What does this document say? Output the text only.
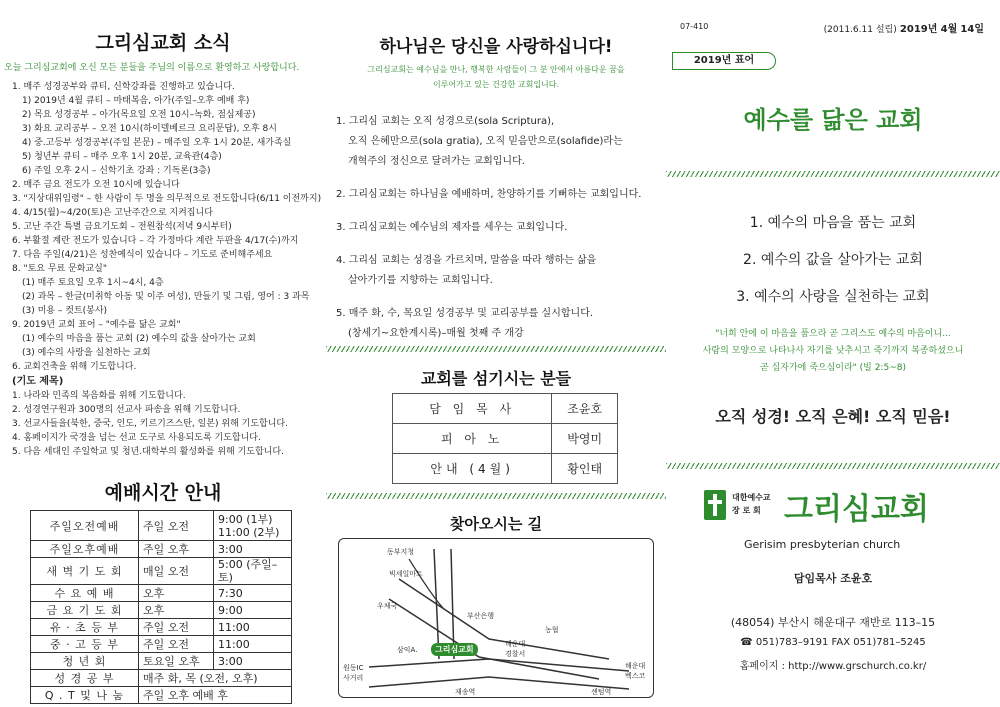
그리심교회 소식
오늘 그리심교회에 오신 모든 분들을 주님의 이름으로 환영하고 사랑합니다.
1. 매주 성경공부와 큐티, 신학강좌를 진행하고 있습니다.
1) 2019년 4월 큐티 – 마태복음, 아가(주일–오후 예배 후)
2) 목요 성경공부 – 아가(목요일 오전 10시–녹화, 점심제공)
3) 화요 교리공부 – 오전 10시(하이델베르크 요리문답), 오후 8시
4) 중.고등부 성경공부(주일 본문) – 매주일 오후 1시 20분, 새가족실
5) 청년부 큐티 – 매주 오후 1시 20분, 교육관(4층)
6) 주일 오후 2시 – 신학기초 강좌 : 기독론(3층)
2. 매주 금요 전도가 오전 10시에 있습니다
3. "지상대위임령" – 한 사람이 두 명을 의무적으로 전도합니다(6/11 이전까지)
4. 4/15(월)~4/20(토)은 고난주간으로 지켜집니다
5. 고난 주간 특별 금요기도회 – 전원참석(저녁 9시부터)
6. 부활절 계란 전도가 있습니다 – 각 가정마다 계란 두판을 4/17(수)까지
7. 다음 주일(4/21)은 성찬예식이 있습니다 – 기도로 준비해주세요
8. "토요 무료 문화교실"
(1) 매주 토요일 오후 1시~4시, 4층
(2) 과목 – 한글(미취학 아동 및 이주 여성), 만들기 및 그림, 영어 : 3 과목
(3) 미용 – 컷트(봉사)
9. 2019년 교회 표어 – "예수를 닮은 교회"
(1) 예수의 마음을 품는 교회 (2) 예수의 값을 살아가는 교회
(3) 예수의 사랑을 실천하는 교회
6. 교회건축을 위해 기도합니다.
(기도 제목)
1. 나라와 민족의 복음화를 위해 기도합니다.
2. 성경연구원과 300명의 선교사 파송을 위해 기도합니다.
3. 선교사들을(북한, 중국, 인도, 키르기즈스탄, 일본) 위해 기도합니다.
4. 홈페이지가 국경을 넘는 선교 도구로 사용되도록 기도합니다.
5. 다음 세대인 주일학교 및 청년.대학부의 활성화를 위해 기도합니다.
예배시간 안내
주일오전예배	주일 오전	9:00 (1부)
11:00 (2부)
주일오후예배	주일 오후	3:00
새 벽 기 도 회	매일 오전	5:00 (주일–토)
수 요 예 배	오후	7:30
금 요 기 도 회	오후	9:00
유 · 초 등 부	주일 오전	11:00
중 · 고 등 부	주일 오전	11:00
청 년 회	토요일 오후	3:00
성 경 공 부	매주 화, 목 (오전, 오후)	
Q . T 및 나 눔	주일 오후 예배 후	
하나님은 당신을 사랑하십니다!
그리심교회는 예수님을 만나, 행복한 사람들이 그 분 안에서 아름다운 꿈을
이루어가고 있는 건강한 교회입니다.
1. 그리심 교회는 오직 성경으로(sola Scriptura),
오직 은혜만으로(sola gratia), 오직 믿음만으로(solafide)라는
개혁주의 정신으로 달려가는 교회입니다.
2. 그리심교회는 하나님을 예배하며, 찬양하기를 기뻐하는 교회입니다.
3. 그리심교회는 예수님의 제자를 세우는 교회입니다.
4. 그리심 교회는 성경을 가르치며, 말씀을 따라 행하는 삶을
살아가기를 지향하는 교회입니다.
5. 매주 화, 수, 목요일 성경공부 및 교리공부를 실시합니다.
(창세기~요한계시록)–매월 첫째 주 개강
교회를 섬기시는 분들
담 임 목 사	조윤호
피 아 노	박영미
안내 (4월)	황인태
찾아오시는 길
동부지청
빅세일마트
우체국
부산은행
농협
해운대
경찰서
삼익A.	그리심교회
원동IC
사거리
해운대
벡스코
재송역	센텀역
07-410	(2011.6.11 설립) 2019년 4월 14일
2019년 표어
예수를 닮은 교회
1. 예수의 마음을 품는 교회
2. 예수의 값을 살아가는 교회
3. 예수의 사랑을 실천하는 교회
"너희 안에 이 마음을 품으라 곧 그리스도 예수의 마음이니...
사람의 모양으로 나타나사 자기를 낮추시고 죽기까지 복종하셨으니
곧 십자가에 죽으심이라" (빌 2:5~8)
오직 성경! 오직 은혜! 오직 믿음!
대한예수교
장 로 회 그리심교회
Gerisim presbyterian church
담임목사 조윤호
(48054) 부산시 해운대구 재반로 113–15
☎ 051)783–9191 FAX 051)781–5245
홈페이지 : http://www.grschurch.co.kr/
